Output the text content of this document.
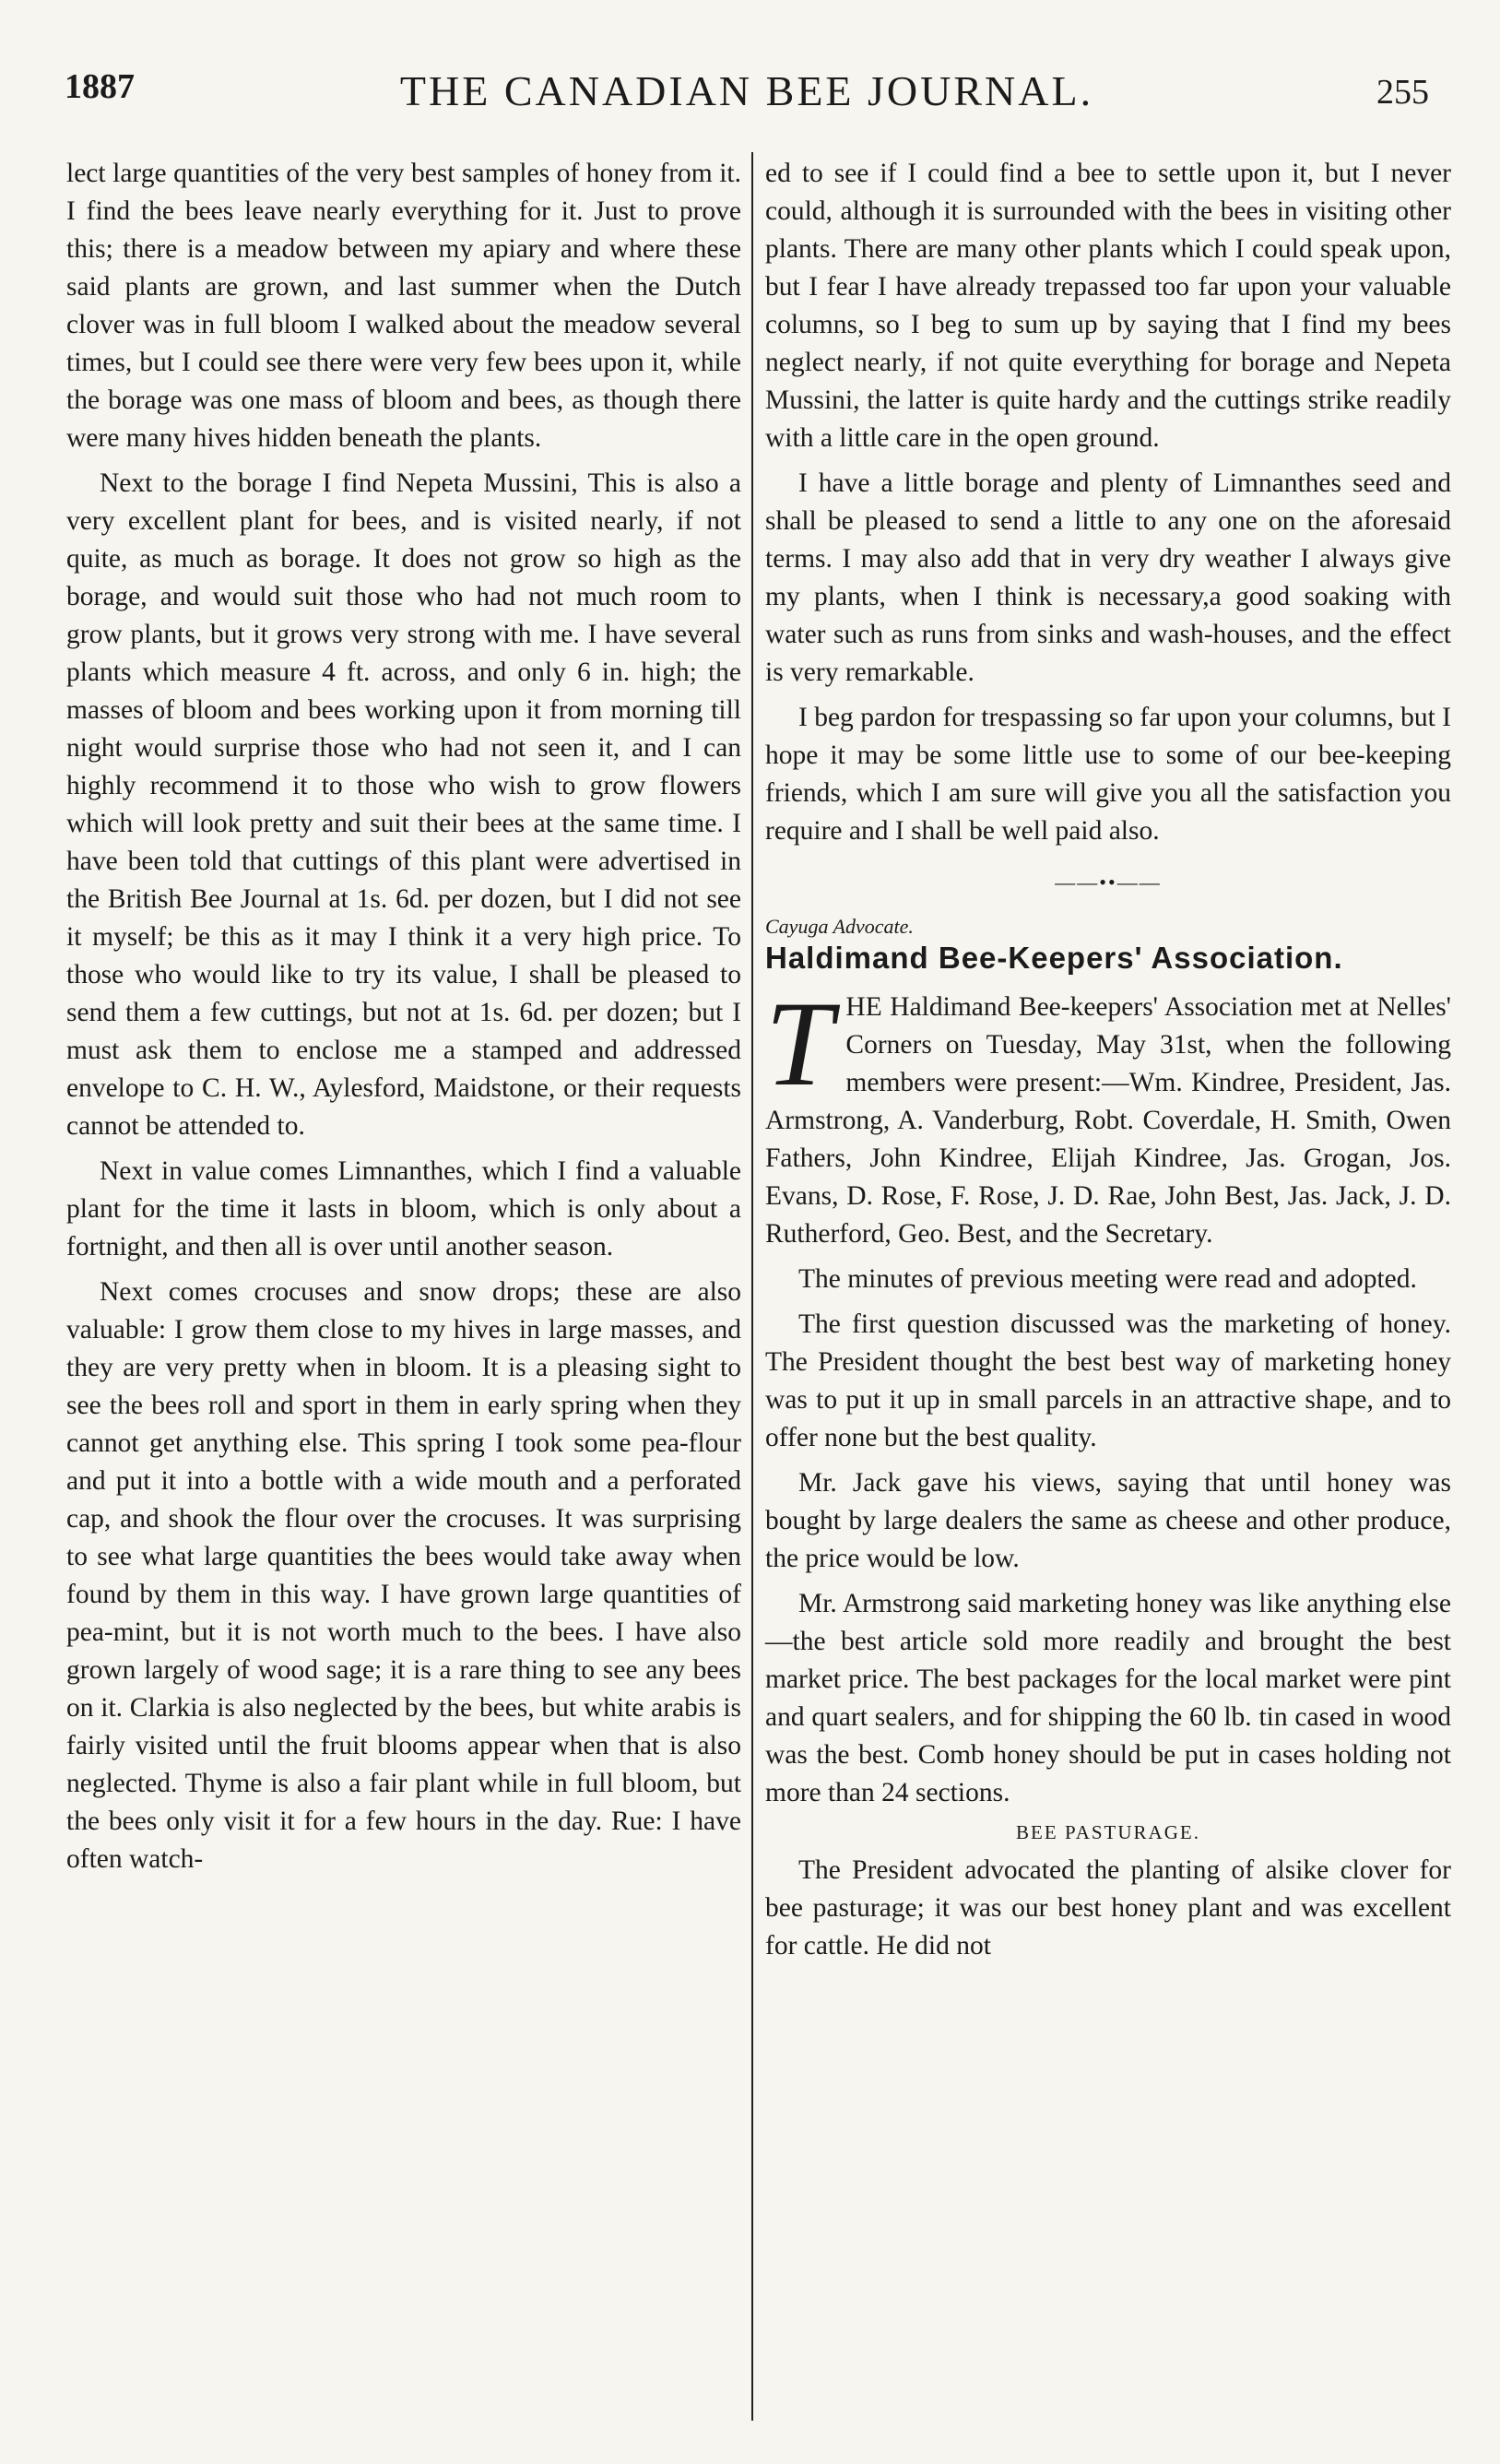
1887	THE CANADIAN BEE JOURNAL.	255

lect large quantities of the very best samples of honey from it. I find the bees leave nearly everything for it. Just to prove this; there is a meadow between my apiary and where these said plants are grown, and last summer when the Dutch clover was in full bloom I walked about the meadow several times, but I could see there were very few bees upon it, while the borage was one mass of bloom and bees, as though there were many hives hidden beneath the plants.

Next to the borage I find Nepeta Mussini, This is also a very excellent plant for bees, and is visited nearly, if not quite, as much as borage. It does not grow so high as the borage, and would suit those who had not much room to grow plants, but it grows very strong with me. I have several plants which measure 4 ft. across, and only 6 in. high; the masses of bloom and bees working upon it from morning till night would surprise those who had not seen it, and I can highly recommend it to those who wish to grow flowers which will look pretty and suit their bees at the same time. I have been told that cuttings of this plant were advertised in the British Bee Journal at 1s. 6d. per dozen, but I did not see it myself; be this as it may I think it a very high price. To those who would like to try its value, I shall be pleased to send them a few cuttings, but not at 1s. 6d. per dozen; but I must ask them to enclose me a stamped and addressed envelope to C. H. W., Aylesford, Maidstone, or their requests cannot be attended to.

Next in value comes Limnanthes, which I find a valuable plant for the time it lasts in bloom, which is only about a fortnight, and then all is over until another season.

Next comes crocuses and snow drops; these are also valuable: I grow them close to my hives in large masses, and they are very pretty when in bloom. It is a pleasing sight to see the bees roll and sport in them in early spring when they cannot get anything else. This spring I took some pea-flour and put it into a bottle with a wide mouth and a perforated cap, and shook the flour over the crocuses. It was surprising to see what large quantities the bees would take away when found by them in this way. I have grown large quantities of pea-mint, but it is not worth much to the bees. I have also grown largely of wood sage; it is a rare thing to see any bees on it. Clarkia is also neglected by the bees, but white arabis is fairly visited until the fruit blooms appear when that is also neglected. Thyme is also a fair plant while in full bloom, but the bees only visit it for a few hours in the day. Rue: I have often watch-

ed to see if I could find a bee to settle upon it, but I never could, although it is surrounded with the bees in visiting other plants. There are many other plants which I could speak upon, but I fear I have already trepassed too far upon your valuable columns, so I beg to sum up by saying that I find my bees neglect nearly, if not quite everything for borage and Nepeta Mussini, the latter is quite hardy and the cuttings strike readily with a little care in the open ground.

I have a little borage and plenty of Limnanthes seed and shall be pleased to send a little to any one on the aforesaid terms. I may also add that in very dry weather I always give my plants, when I think is necessary,a good soaking with water such as runs from sinks and wash-houses, and the effect is very remarkable.

I beg pardon for trespassing so far upon your columns, but I hope it may be some little use to some of our bee-keeping friends, which I am sure will give you all the satisfaction you require and I shall be well paid also.

——••——
Cayuga Advocate.
Haldimand Bee-Keepers' Association.
T HE Haldimand Bee-keepers' Association met at Nelles' Corners on Tuesday, May 31st, when the following members were present:—Wm. Kindree, President, Jas. Armstrong, A. Vanderburg, Robt. Coverdale, H. Smith, Owen Fathers, John Kindree, Elijah Kindree, Jas. Grogan, Jos. Evans, D. Rose, F. Rose, J. D. Rae, John Best, Jas. Jack, J. D. Rutherford, Geo. Best, and the Secretary.

The minutes of previous meeting were read and adopted.

The first question discussed was the marketing of honey. The President thought the best best way of marketing honey was to put it up in small parcels in an attractive shape, and to offer none but the best quality.

Mr. Jack gave his views, saying that until honey was bought by large dealers the same as cheese and other produce, the price would be low.

Mr. Armstrong said marketing honey was like anything else—the best article sold more readily and brought the best market price. The best packages for the local market were pint and quart sealers, and for shipping the 60 lb. tin cased in wood was the best. Comb honey should be put in cases holding not more than 24 sections.

BEE PASTURAGE.

The President advocated the planting of alsike clover for bee pasturage; it was our best honey plant and was excellent for cattle. He did not
